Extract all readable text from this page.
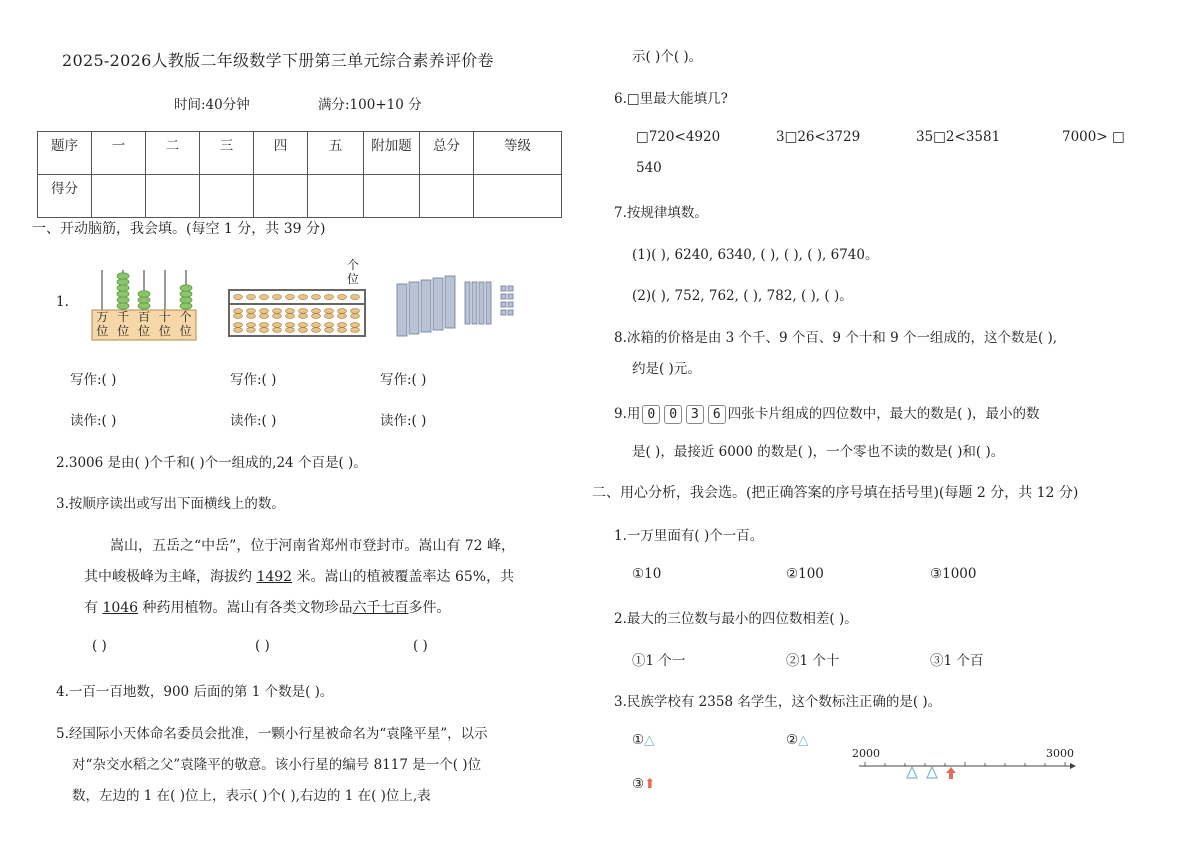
2025-2026人教版二年级数学下册第三单元综合素养评价卷
时间:40分钟	满分:100+10 分
题序	一	二	三	四	五	附加题	总分	等级
得分								
一、开动脑筋，我会填。(每空 1 分，共 39 分)
1.
万位
千位
百位
十位
个位
个位
写作:( )	写作:( )	写作:( )
读作:( )	读作:( )	读作:( )
2.3006 是由( )个千和( )个一组成的,24 个百是( )。
3.按顺序读出或写出下面横线上的数。
嵩山，五岳之“中岳”，位于河南省郑州市登封市。嵩山有 72 峰，
其中峻极峰为主峰，海拔约 1492 米。嵩山的植被覆盖率达 65%，共
有 1046 种药用植物。嵩山有各类文物珍品六千七百多件。
( )	( )	( )
4.一百一百地数，900 后面的第 1 个数是( )。
5.经国际小天体命名委员会批准，一颗小行星被命名为“袁隆平星”，以示
对“杂交水稻之父”袁隆平的敬意。该小行星的编号 8117 是一个( )位
数，左边的 1 在( )位上，表示( )个( ),右边的 1 在( )位上,表
示( )个( )。
6.□里最大能填几?
□720<4920	3□26<3729	35□2<3581	7000> □
540
7.按规律填数。
(1)( ), 6240, 6340, ( ), ( ), ( ), 6740。
(2)( ), 752, 762, ( ), 782, ( ), ( )。
8.冰箱的价格是由 3 个千、9 个百、9 个十和 9 个一组成的，这个数是( ),
约是( )元。
9.用 0 0 3 6 四张卡片组成的四位数中，最大的数是( )，最小的数
是( )，最接近 6000 的数是( )，一个零也不读的数是( )和( )。
二、用心分析，我会选。(把正确答案的序号填在括号里)(每题 2 分，共 12 分)
1.一万里面有( )个一百。
①10	②100	③1000
2.最大的三位数与最小的四位数相差( )。
①1 个一	②1 个十	③1 个百
3.民族学校有 2358 名学生，这个数标注正确的是( )。
①△	②△
③⬆
2000	3000
